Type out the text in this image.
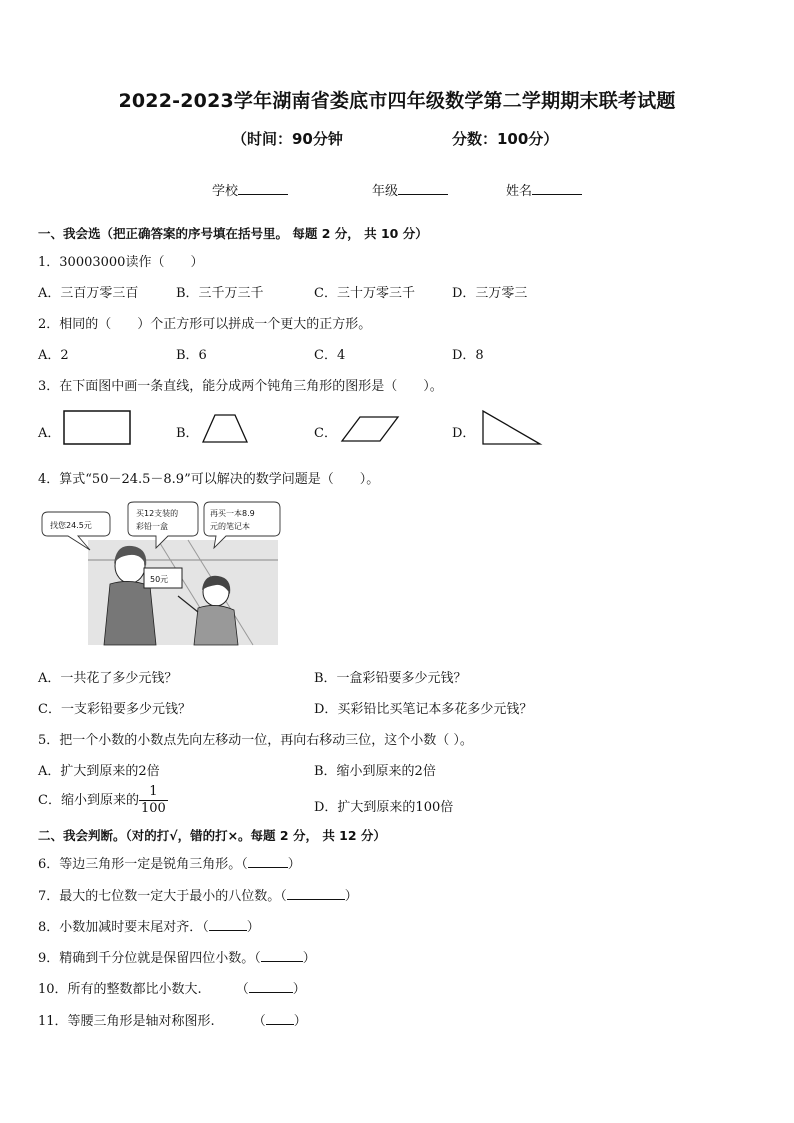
2022-2023学年湖南省娄底市四年级数学第二学期期末联考试题
（时间：90分钟	分数：100分）
学校	年级	姓名
一、我会选（把正确答案的序号填在括号里。 每题 2 分， 共 10 分）
1．30003000读作（　　）
A．三百万零三百	B．三千万三千	C．三十万零三千	D．三万零三
2．相同的（　　）个正方形可以拼成一个更大的正方形。
A．2	B．6	C．4	D．8
3．在下面图中画一条直线，能分成两个钝角三角形的图形是（　　）。
A．	B．	C．	D．
4．算式“50－24.5－8.9”可以解决的数学问题是（　　）。
找您24.5元
买12支装的
彩铅一盒
再买一本8.9
元的笔记本
50元
A．一共花了多少元钱？	B．一盒彩铅要多少元钱？
C．一支彩铅要多少元钱？	D．买彩铅比买笔记本多花多少元钱？
5．把一个小数的小数点先向左移动一位，再向右移动三位，这个小数（ ）。
A．扩大到原来的2倍	B．缩小到原来的2倍
C．缩小到原来的 $\frac{1}{100}$	D．扩大到原来的100倍
二、我会判断。（对的打√，错的打×。每题 2 分， 共 12 分）
6．等边三角形一定是锐角三角形。（	）
7．最大的七位数一定大于最小的八位数。（	）
8．小数加减时要末尾对齐．（	）
9．精确到千分位就是保留四位小数。（	）
10．所有的整数都比小数大.	（	）
11．等腰三角形是轴对称图形.	（ ）
